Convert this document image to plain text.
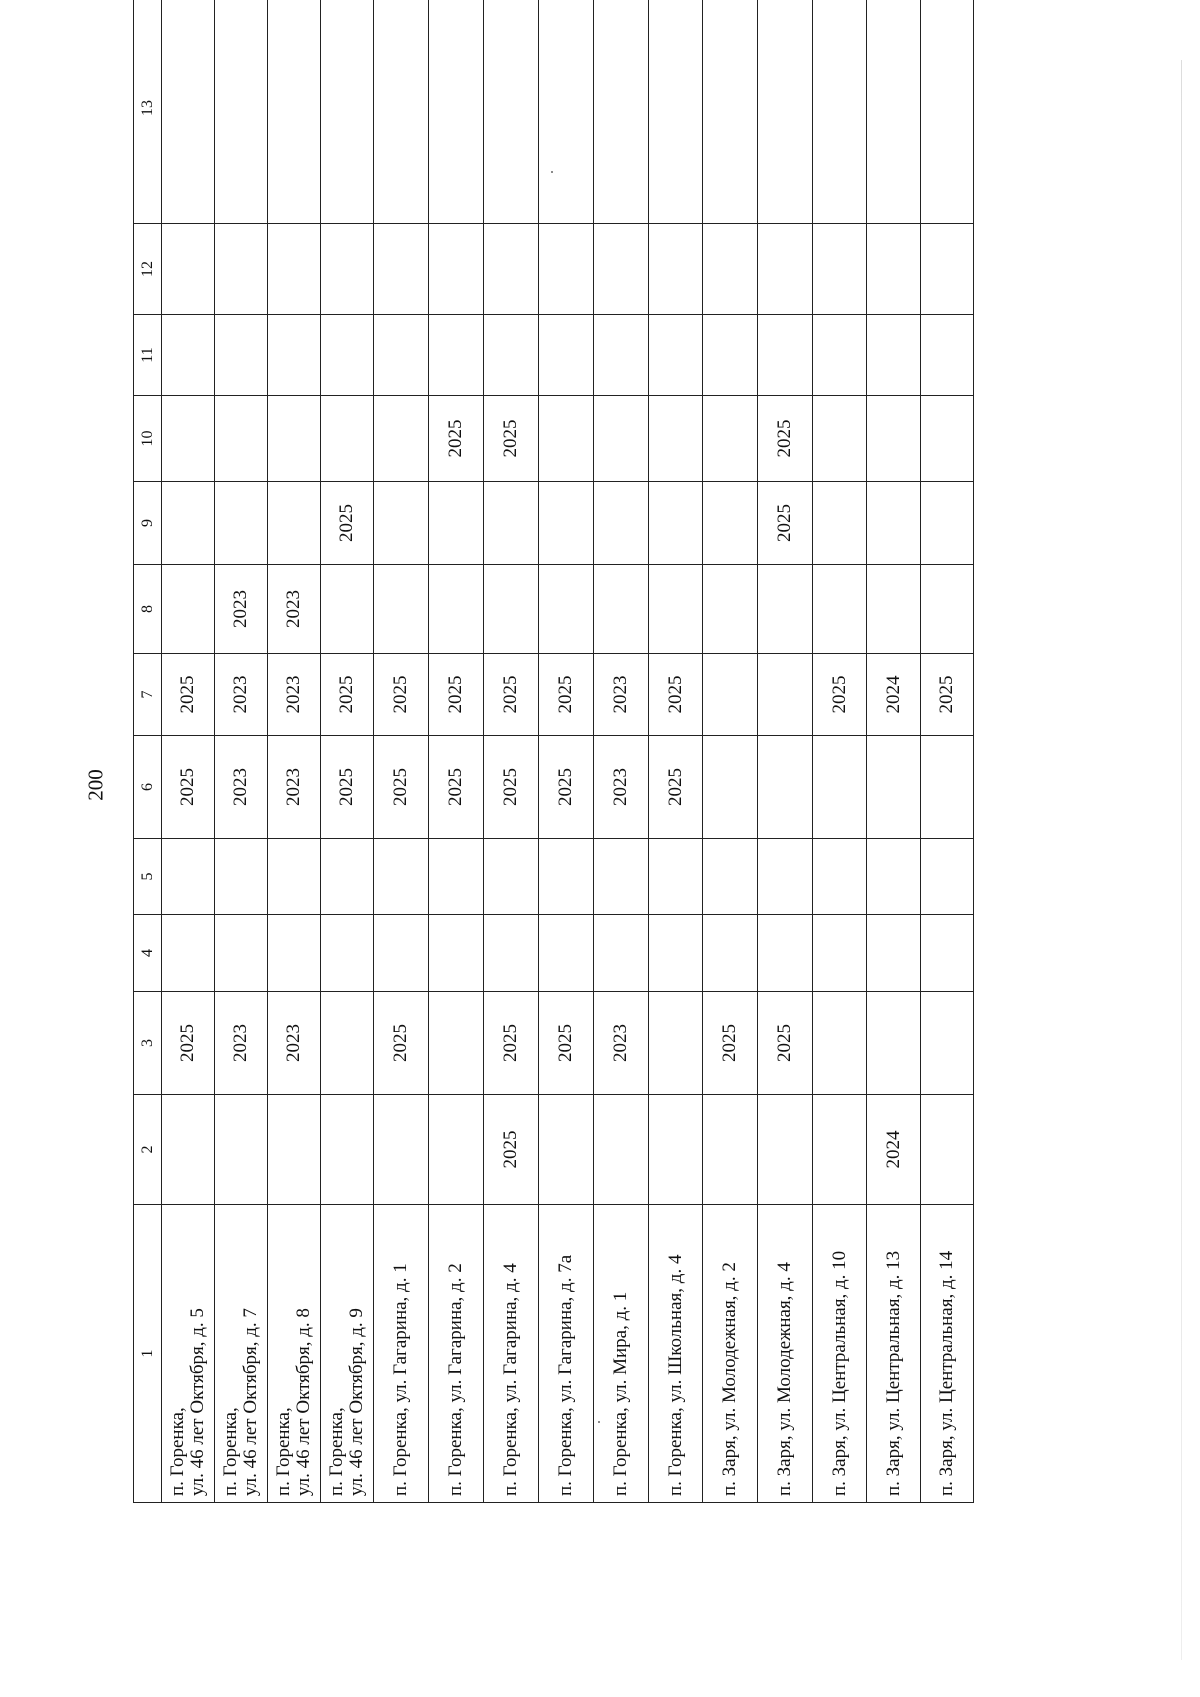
200
1	2	3	4	5	6	7	8	9	10	11	12	13
п. Горенка,
ул. 46 лет Октября, д. 5		2025			2025	2025						
п. Горенка,
ул. 46 лет Октября, д. 7		2023			2023	2023	2023					
п. Горенка,
ул. 46 лет Октября, д. 8		2023			2023	2023	2023					
п. Горенка,
ул. 46 лет Октября, д. 9					2025	2025		2025				
п. Горенка, ул. Гагарина, д. 1		2025			2025	2025						
п. Горенка, ул. Гагарина, д. 2					2025	2025			2025			
п. Горенка, ул. Гагарина, д. 4	2025	2025			2025	2025			2025			
п. Горенка, ул. Гагарина, д. 7а		2025			2025	2025						
п. Горенка, ул. Мира, д. 1		2023			2023	2023						
п. Горенка, ул. Школьная, д. 4					2025	2025						
п. Заря, ул. Молодежная, д. 2		2025										
п. Заря, ул. Молодежная, д. 4		2025						2025	2025			
п. Заря, ул. Центральная, д. 10						2025						
п. Заря, ул. Центральная, д. 13	2024					2024						
п. Заря, ул. Центральная, д. 14						2025						
